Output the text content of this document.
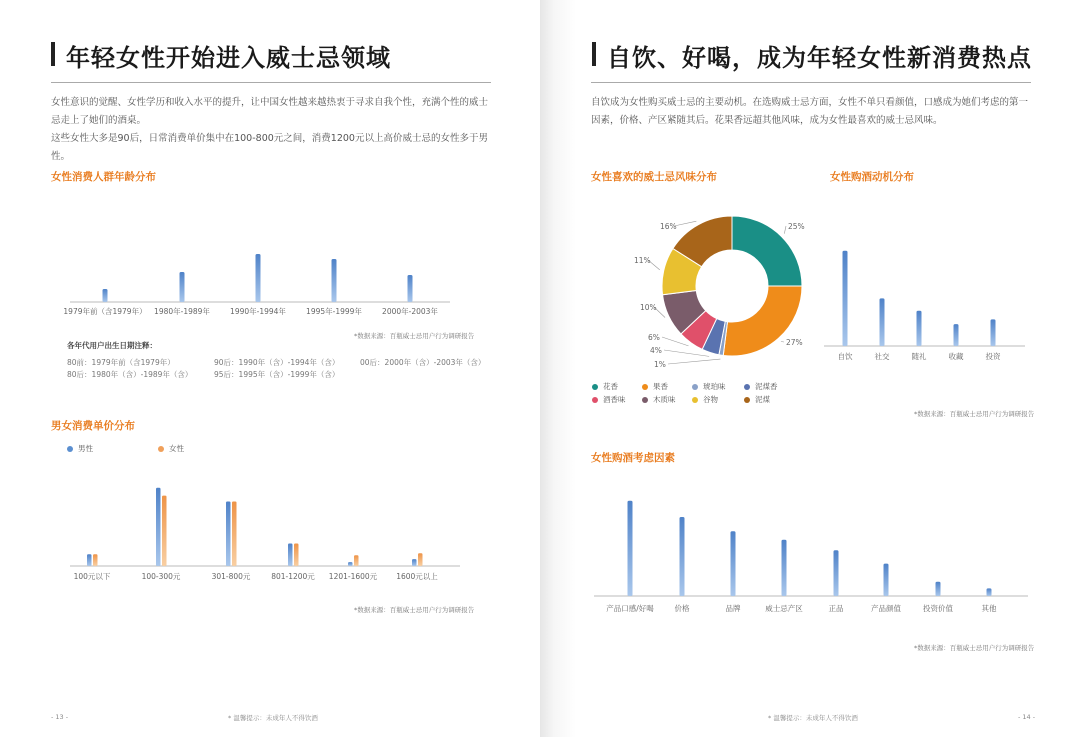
年轻女性开始进入威士忌领域
女性意识的觉醒、女性学历和收入水平的提升，让中国女性越来越热衷于寻求自我个性，充满个性的威士忌走上了她们的酒桌。
这些女性大多是90后，日常消费单价集中在100-800元之间，消费1200元以上高价威士忌的女性多于男性。
女性消费人群年龄分布
1979年前（含1979年） 1980年-1989年	1990年-1994年	1995年-1999年	2000年-2003年
*数据来源：百瓶威士忌用户行为调研报告
各年代用户出生日期注释：
80前：1979年前（含1979年）	90后：1990年（含）-1994年（含）	00后：2000年（含）-2003年（含）
80后：1980年（含）-1989年（含）	95后：1995年（含）-1999年（含）
男女消费单价分布
男性	女性
100元以下	100-300元	301-800元	801-1200元 1201-1600元	1600元以上
*数据来源：百瓶威士忌用户行为调研报告
- 13 -	* 温馨提示：未成年人不得饮酒
自饮、好喝，成为年轻女性新消费热点
自饮成为女性购买威士忌的主要动机。在选购威士忌方面，女性不单只看颜值，口感成为她们考虑的第一因素，价格、产区紧随其后。花果香远超其他风味，成为女性最喜欢的威士忌风味。
女性喜欢的威士忌风味分布
25%
27%
1%
4%
6%
10%
11%
16%
花香	果香	琥珀味	泥煤香
酒香味	木质味	谷物	泥煤
女性购酒动机分布
自饮	社交	随礼	收藏	投资
*数据来源：百瓶威士忌用户行为调研报告
女性购酒考虑因素
产品口感/好喝	价格	品牌	威士忌产区	正品	产品颜值	投资价值	其他
*数据来源：百瓶威士忌用户行为调研报告
* 温馨提示：未成年人不得饮酒	- 14 -
